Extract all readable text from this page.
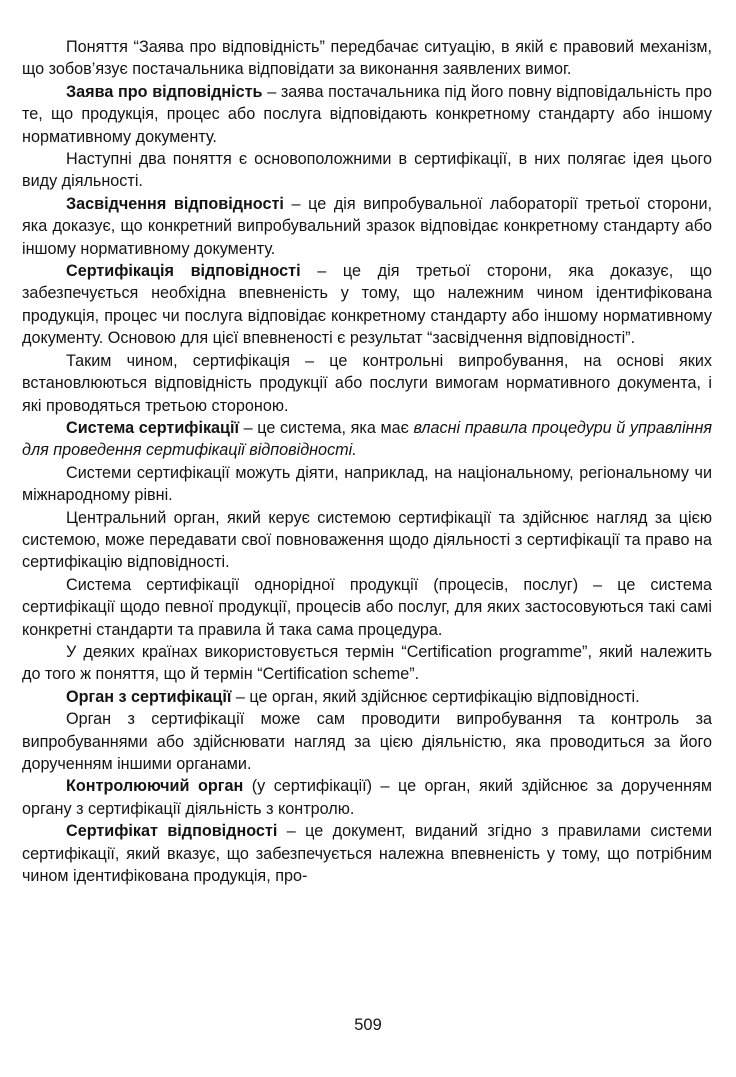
Поняття “Заява про відповідність” передбачає ситуацію, в якій є правовий механізм, що зобов’язує постачальника відповідати за виконання заявлених вимог.

Заява про відповідність – заява постачальника під його повну відповідальність про те, що продукція, процес або послуга відповідають конкретному стандарту або іншому нормативному документу.

Наступні два поняття є основоположними в сертифікації, в них полягає ідея цього виду діяльності.

Засвідчення відповідності – це дія випробувальної лабораторії третьої сторони, яка доказує, що конкретний випробувальний зразок відповідає конкретному стандарту або іншому нормативному документу.

Сертифікація відповідності – це дія третьої сторони, яка доказує, що забезпечується необхідна впевненість у тому, що належним чином ідентифікована продукція, процес чи послуга відповідає конкретному стандарту або іншому нормативному документу. Основою для цієї впевненості є результат “засвідчення відповідності”.

Таким чином, сертифікація – це контрольні випробування, на основі яких встановлюються відповідність продукції або послуги вимогам нормативного документа, і які проводяться третьою стороною.

Система сертифікації – це система, яка має власні правила процедури й управління для проведення сертифікації відповідності.

Системи сертифікації можуть діяти, наприклад, на національному, регіональному чи міжнародному рівні.

Центральний орган, який керує системою сертифікації та здійснює нагляд за цією системою, може передавати свої повноваження щодо діяльності з сертифікації та право на сертифікацію відповідності.

Система сертифікації однорідної продукції (процесів, послуг) – це система сертифікації щодо певної продукції, процесів або послуг, для яких застосовуються такі самі конкретні стандарти та правила й така сама процедура.

У деяких країнах використовується термін “Certification programme”, який належить до того ж поняття, що й термін “Certification scheme”.

Орган з сертифікації – це орган, який здійснює сертифікацію відповідності.

Орган з сертифікації може сам проводити випробування та контроль за випробуваннями або здійснювати нагляд за цією діяльністю, яка проводиться за його дорученням іншими органами.

Контролюючий орган (у сертифікації) – це орган, який здійснює за дорученням органу з сертифікації діяльність з контролю.

Сертифікат відповідності – це документ, виданий згідно з правилами системи сертифікації, який вказує, що забезпечується належна впевненість у тому, що потрібним чином ідентифікована продукція, про-

509
